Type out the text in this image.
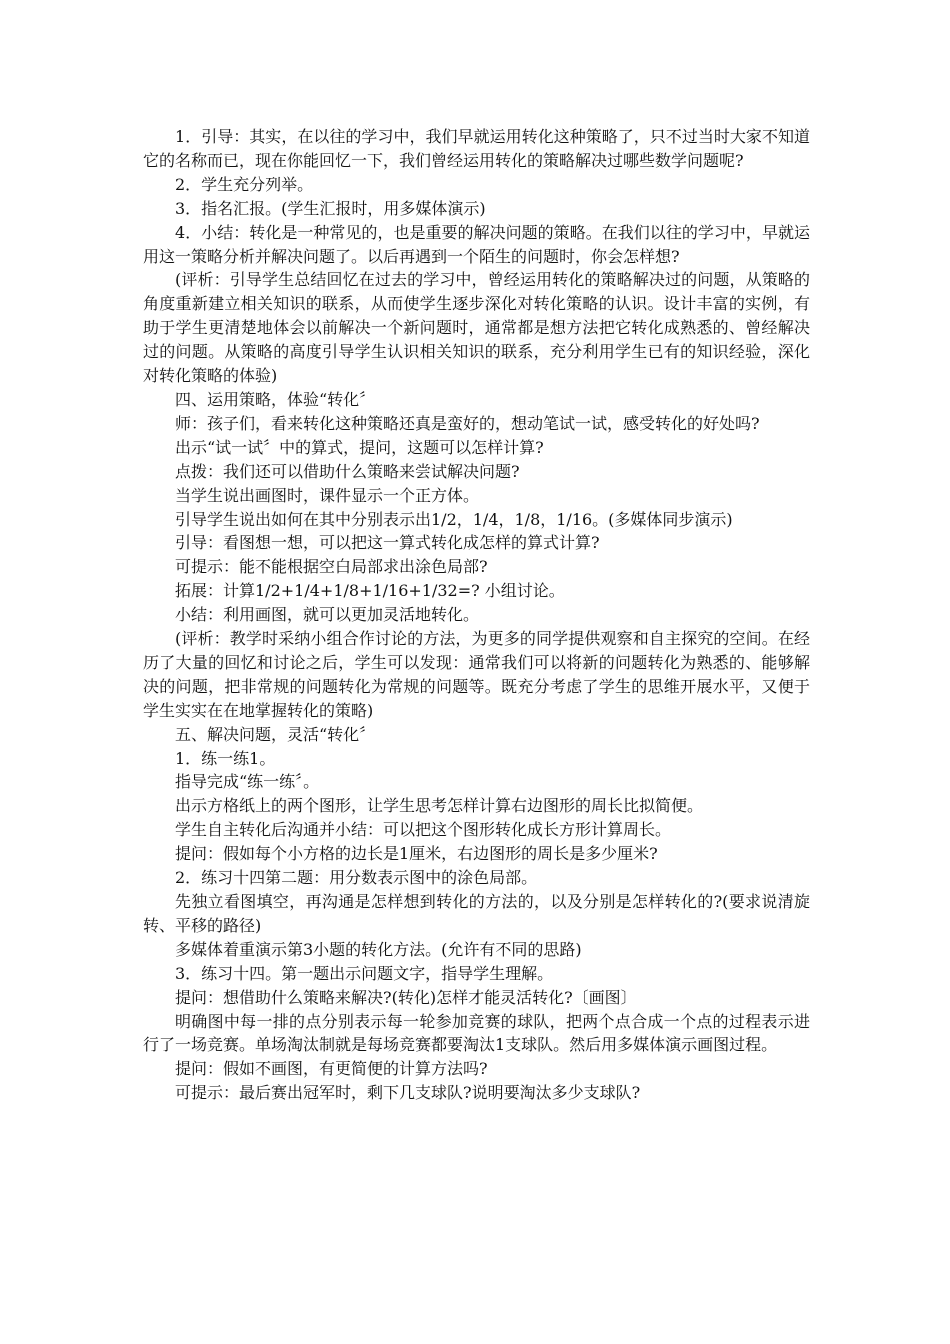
1．引导：其实，在以往的学习中，我们早就运用转化这种策略了，只不过当时大家不知道它的名称而已，现在你能回忆一下，我们曾经运用转化的策略解决过哪些数学问题呢?

2．学生充分列举。

3．指名汇报。(学生汇报时，用多媒体演示)

4．小结：转化是一种常见的，也是重要的解决问题的策略。在我们以往的学习中，早就运用这一策略分析并解决问题了。以后再遇到一个陌生的问题时，你会怎样想?

(评析：引导学生总结回忆在过去的学习中，曾经运用转化的策略解决过的问题，从策略的角度重新建立相关知识的联系，从而使学生逐步深化对转化策略的认识。设计丰富的实例，有助于学生更清楚地体会以前解决一个新问题时，通常都是想方法把它转化成熟悉的、曾经解决过的问题。从策略的高度引导学生认识相关知识的联系，充分利用学生已有的知识经验，深化对转化策略的体验)

四、运用策略，体验“转化〞

师：孩子们，看来转化这种策略还真是蛮好的，想动笔试一试，感受转化的好处吗?

出示“试一试〞中的算式，提问，这题可以怎样计算?

点拨：我们还可以借助什么策略来尝试解决问题?

当学生说出画图时，课件显示一个正方体。

引导学生说出如何在其中分别表示出1/2，1/4，1/8，1/16。(多媒体同步演示)

引导：看图想一想，可以把这一算式转化成怎样的算式计算?

可提示：能不能根据空白局部求出涂色局部?

拓展：计算1/2+1/4+1/8+1/16+1/32=? 小组讨论。

小结：利用画图，就可以更加灵活地转化。

(评析：教学时采纳小组合作讨论的方法，为更多的同学提供观察和自主探究的空间。在经历了大量的回忆和讨论之后，学生可以发现：通常我们可以将新的问题转化为熟悉的、能够解决的问题，把非常规的问题转化为常规的问题等。既充分考虑了学生的思维开展水平，又便于学生实实在在地掌握转化的策略)

五、解决问题，灵活“转化〞

1．练一练1。

指导完成“练一练〞。

出示方格纸上的两个图形，让学生思考怎样计算右边图形的周长比拟简便。

学生自主转化后沟通并小结：可以把这个图形转化成长方形计算周长。

提问：假如每个小方格的边长是1厘米，右边图形的周长是多少厘米?

2．练习十四第二题：用分数表示图中的涂色局部。

先独立看图填空，再沟通是怎样想到转化的方法的，以及分别是怎样转化的?(要求说清旋转、平移的路径)

多媒体着重演示第3小题的转化方法。(允许有不同的思路)

3．练习十四。第一题出示问题文字，指导学生理解。

提问：想借助什么策略来解决?(转化)怎样才能灵活转化?〔画图〕

明确图中每一排的点分别表示每一轮参加竞赛的球队，把两个点合成一个点的过程表示进行了一场竞赛。单场淘汰制就是每场竞赛都要淘汰1支球队。然后用多媒体演示画图过程。

提问：假如不画图，有更简便的计算方法吗?

可提示：最后赛出冠军时，剩下几支球队?说明要淘汰多少支球队?
